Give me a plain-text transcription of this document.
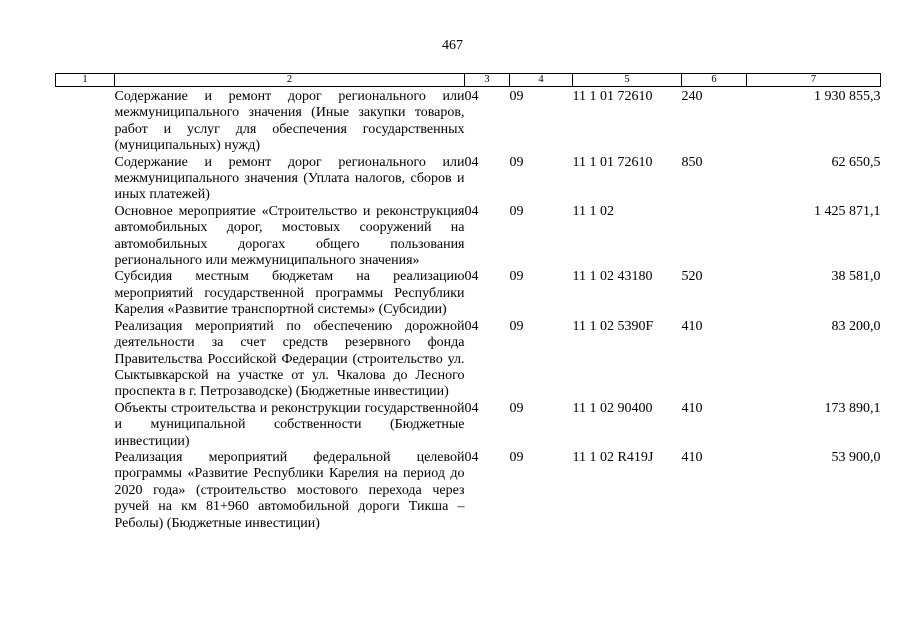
467
1	2	3	4	5	6	7
	Содержание и ремонт дорог регионального или межмуниципального значения (Иные закупки товаров, работ и услуг для обеспечения государственных (муниципальных) нужд)	04	09	11 1 01 72610	240	1 930 855,3
	Содержание и ремонт дорог регионального или межмуниципального значения (Уплата налогов, сборов и иных платежей)	04	09	11 1 01 72610	850	62 650,5
	Основное мероприятие «Строительство и реконструкция автомобильных дорог, мостовых сооружений на автомобильных дорогах общего пользования регионального или межмуниципального значения»	04	09	11 1 02		1 425 871,1
	Субсидия местным бюджетам на реализацию мероприятий государственной программы Республики Карелия «Развитие транспортной системы» (Субсидии)	04	09	11 1 02 43180	520	38 581,0
	Реализация мероприятий по обеспечению дорожной деятельности за счет средств резервного фонда Правительства Российской Федерации (строительство ул. Сыктывкарской на участке от ул. Чкалова до Лесного проспекта в г. Петрозаводске) (Бюджетные инвестиции)	04	09	11 1 02 5390F	410	83 200,0
	Объекты строительства и реконструкции государственной и муниципальной собственности (Бюджетные инвестиции)	04	09	11 1 02 90400	410	173 890,1
	Реализация мероприятий федеральной целевой программы «Развитие Республики Карелия на период до 2020 года» (строительство мостового перехода через ручей на км 81+960 автомобильной дороги Тикша – Реболы) (Бюджетные инвестиции)	04	09	11 1 02 R419J	410	53 900,0
